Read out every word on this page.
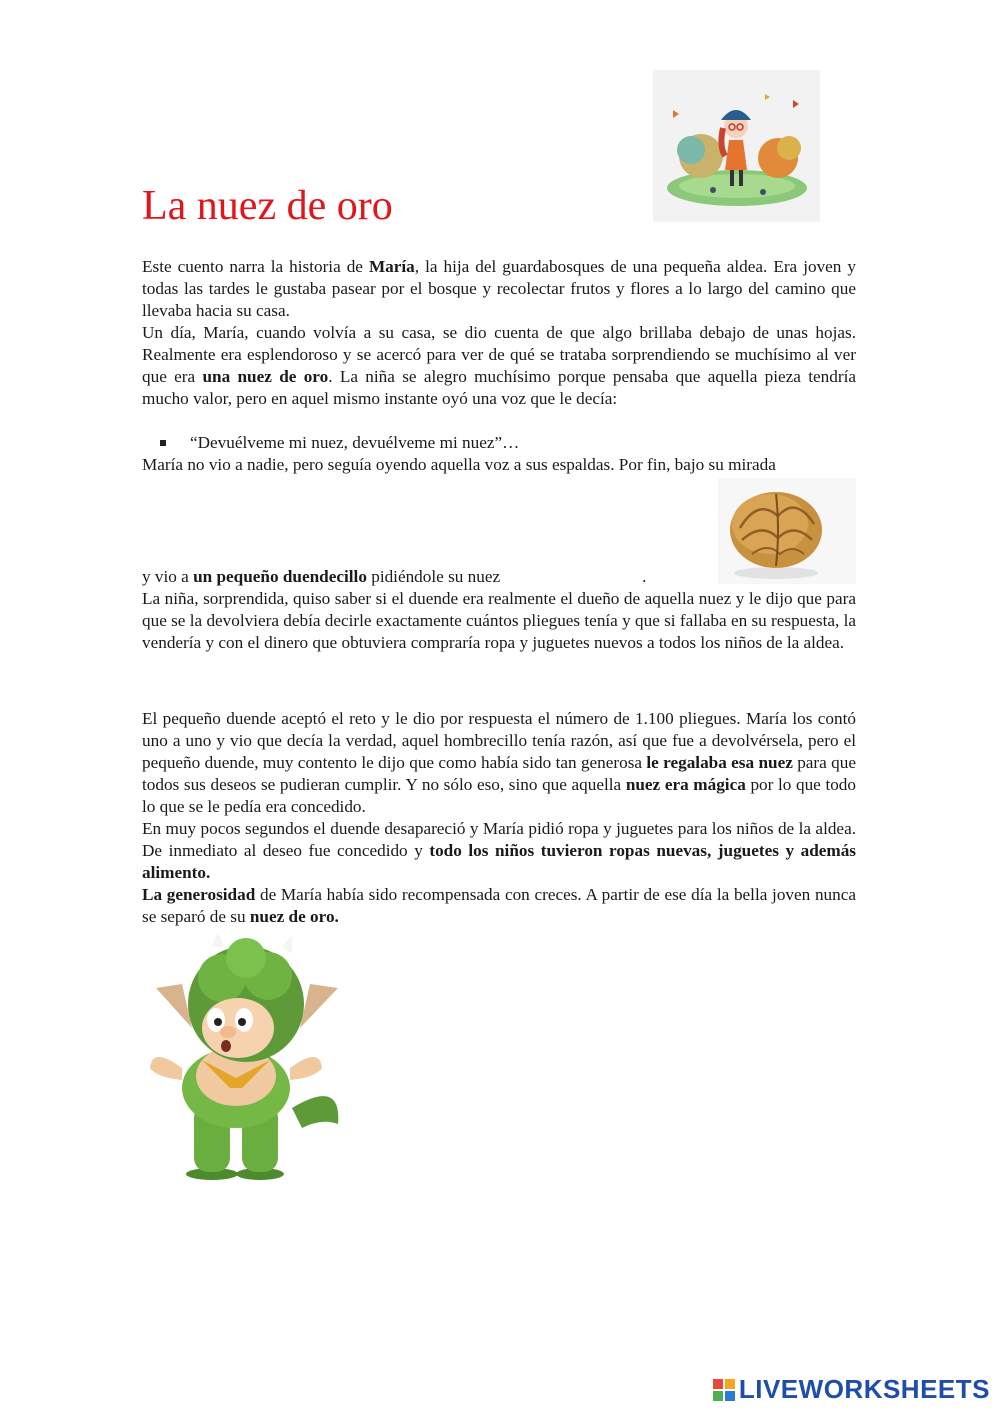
La nuez de oro

Este cuento narra la historia de María, la hija del guardabosques de una pequeña aldea. Era joven y todas las tardes le gustaba pasear por el bosque y recolectar frutos y flores a lo largo del camino que llevaba hacia su casa.

Un día, María, cuando volvía a su casa, se dio cuenta de que algo brillaba debajo de unas hojas. Realmente era esplendoroso y se acercó para ver de qué se trataba sorprendiendo se muchísimo al ver que era una nuez de oro. La niña se alegro muchísimo porque pensaba que aquella pieza tendría mucho valor, pero en aquel mismo instante oyó una voz que le decía:

“Devuélveme mi nuez, devuélveme mi nuez”…
María no vio a nadie, pero seguía oyendo aquella voz a sus espaldas. Por fin, bajo su mirada
y vio a un pequeño duendecillo pidiéndole su nuez	.

La niña, sorprendida, quiso saber si el duende era realmente el dueño de aquella nuez y le dijo que para que se la devolviera debía decirle exactamente cuántos pliegues tenía y que si fallaba en su respuesta, la vendería y con el dinero que obtuviera compraría ropa y juguetes nuevos a todos los niños de la aldea.

El pequeño duende aceptó el reto y le dio por respuesta el número de 1.100 pliegues. María los contó uno a uno y vio que decía la verdad, aquel hombrecillo tenía razón, así que fue a devolvérsela, pero el pequeño duende, muy contento le dijo que como había sido tan generosa le regalaba esa nuez para que todos sus deseos se pudieran cumplir. Y no sólo eso, sino que aquella nuez era mágica por lo que todo lo que se le pedía era concedido.

En muy pocos segundos el duende desapareció y María pidió ropa y juguetes para los niños de la aldea. De inmediato al deseo fue concedido y todo los niños tuvieron ropas nuevas, juguetes y además alimento.

La generosidad de María había sido recompensada con creces. A partir de ese día la bella joven nunca se separó de su nuez de oro.

LIVEWORKSHEETS
